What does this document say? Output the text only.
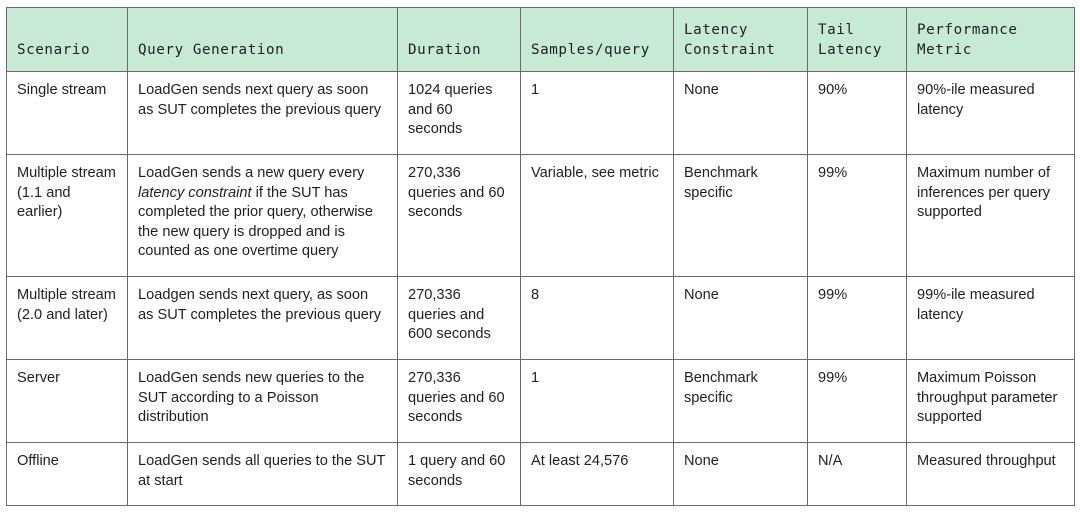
Scenario	Query Generation	Duration	Samples/query	Latency Constraint	Tail Latency	Performance Metric
Single stream	LoadGen sends next query as soon as SUT completes the previous query	1024 queries and 60 seconds	1	None	90%	90%-ile measured latency
Multiple stream (1.1 and earlier)	LoadGen sends a new query every latency constraint if the SUT has completed the prior query, otherwise the new query is dropped and is counted as one overtime query	270,336 queries and 60 seconds	Variable, see metric	Benchmark specific	99%	Maximum number of inferences per query supported
Multiple stream (2.0 and later)	Loadgen sends next query, as soon as SUT completes the previous query	270,336 queries and 600 seconds	8	None	99%	99%-ile measured latency
Server	LoadGen sends new queries to the SUT according to a Poisson distribution	270,336 queries and 60 seconds	1	Benchmark specific	99%	Maximum Poisson throughput parameter supported
Offline	LoadGen sends all queries to the SUT at start	1 query and 60 seconds	At least 24,576	None	N/A	Measured throughput
